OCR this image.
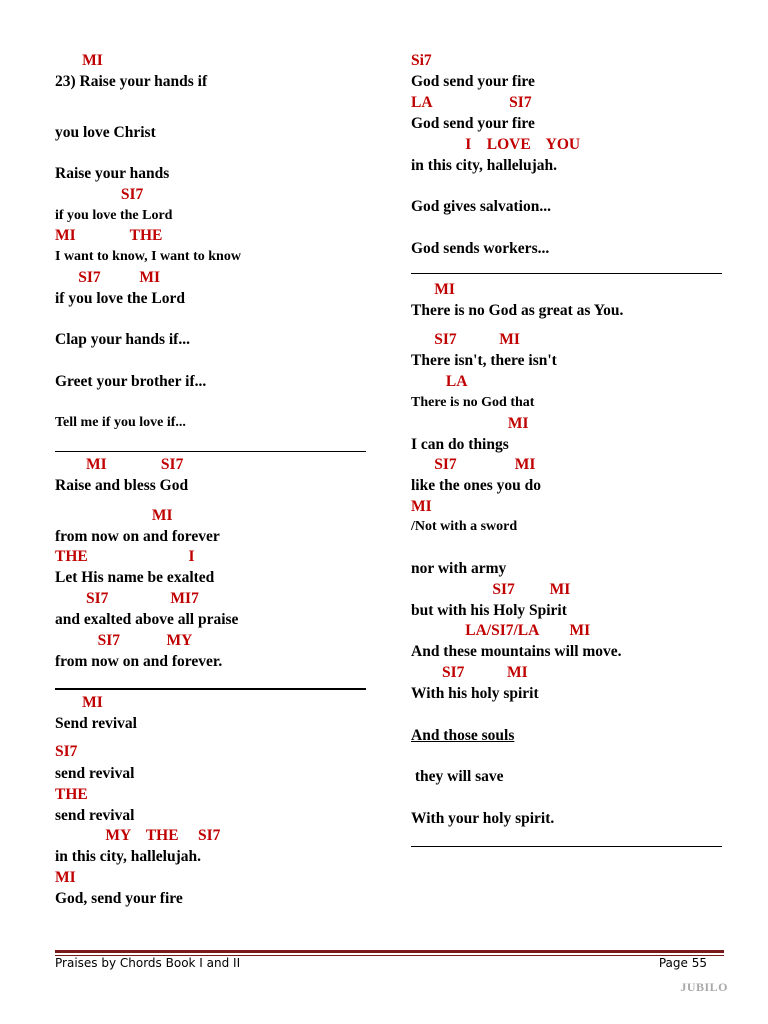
MI
23) Raise your hands if
you love Christ
Raise your hands
SI7
if you love the Lord
MI              THE
I want to know, I want to know
SI7          MI
if you love the Lord
Clap your hands if...
Greet your brother if...
Tell me if you love if...
MI              SI7
Raise and bless God
MI
from now on and forever
THE                          I
Let His name be exalted
SI7                MI7
and exalted above all praise
SI7            MY
from now on and forever.
MI
Send revival
SI7
send revival
THE
send revival
MY    THE     SI7
in this city, hallelujah.
MI
God, send your fire
Si7
God send your fire
LA                    SI7
God send your fire
I    LOVE    YOU
in this city, hallelujah.
God gives salvation...
God sends workers...
MI
There is no God as great as You.
SI7           MI
There isn't, there isn't
LA
There is no God that
MI
I can do things
SI7               MI
like the ones you do
MI
/Not with a sword
nor with army
SI7         MI
but with his Holy Spirit
LA/SI7/LA        MI
And these mountains will move.
SI7           MI
With his holy spirit
And those souls
they will save
With your holy spirit.
Praises by Chords Book I and II	Page 55
JUBILO
